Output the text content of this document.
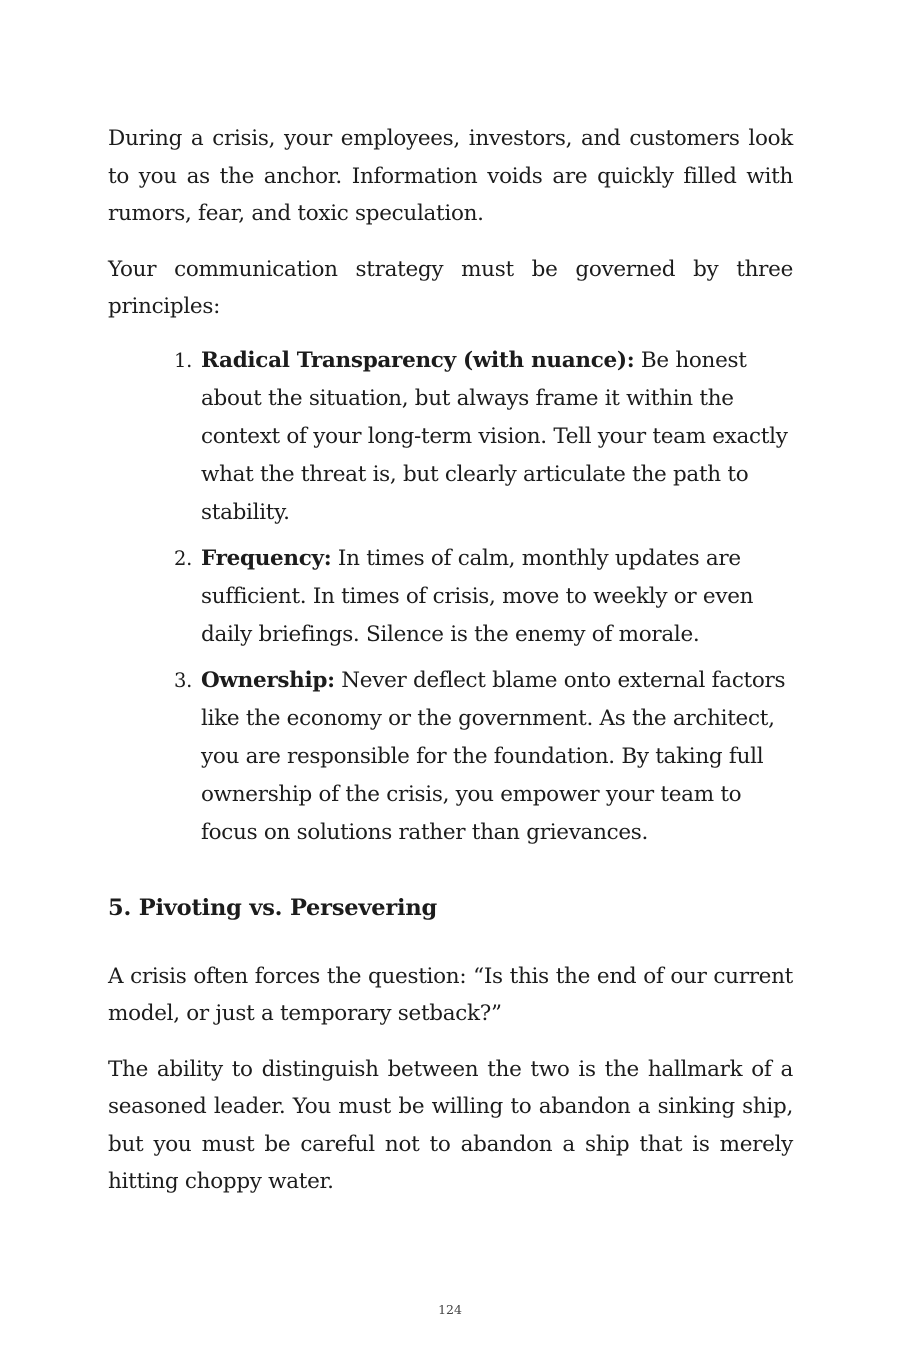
During a crisis, your employees, investors, and customers look to you as the anchor. Information voids are quickly filled with rumors, fear, and toxic speculation.

Your communication strategy must be governed by three principles:

1. Radical Transparency (with nuance): Be honest about the situation, but always frame it within the context of your long-term vision. Tell your team exactly what the threat is, but clearly articulate the path to stability.
2. Frequency: In times of calm, monthly updates are sufficient. In times of crisis, move to weekly or even daily briefings. Silence is the enemy of morale.
3. Ownership: Never deflect blame onto external factors like the economy or the government. As the architect, you are responsible for the foundation. By taking full ownership of the crisis, you empower your team to focus on solutions rather than grievances.
5. Pivoting vs. Persevering

A crisis often forces the question: “Is this the end of our current model, or just a temporary setback?”

The ability to distinguish between the two is the hallmark of a seasoned leader. You must be willing to abandon a sinking ship, but you must be careful not to abandon a ship that is merely hitting choppy water.

124
